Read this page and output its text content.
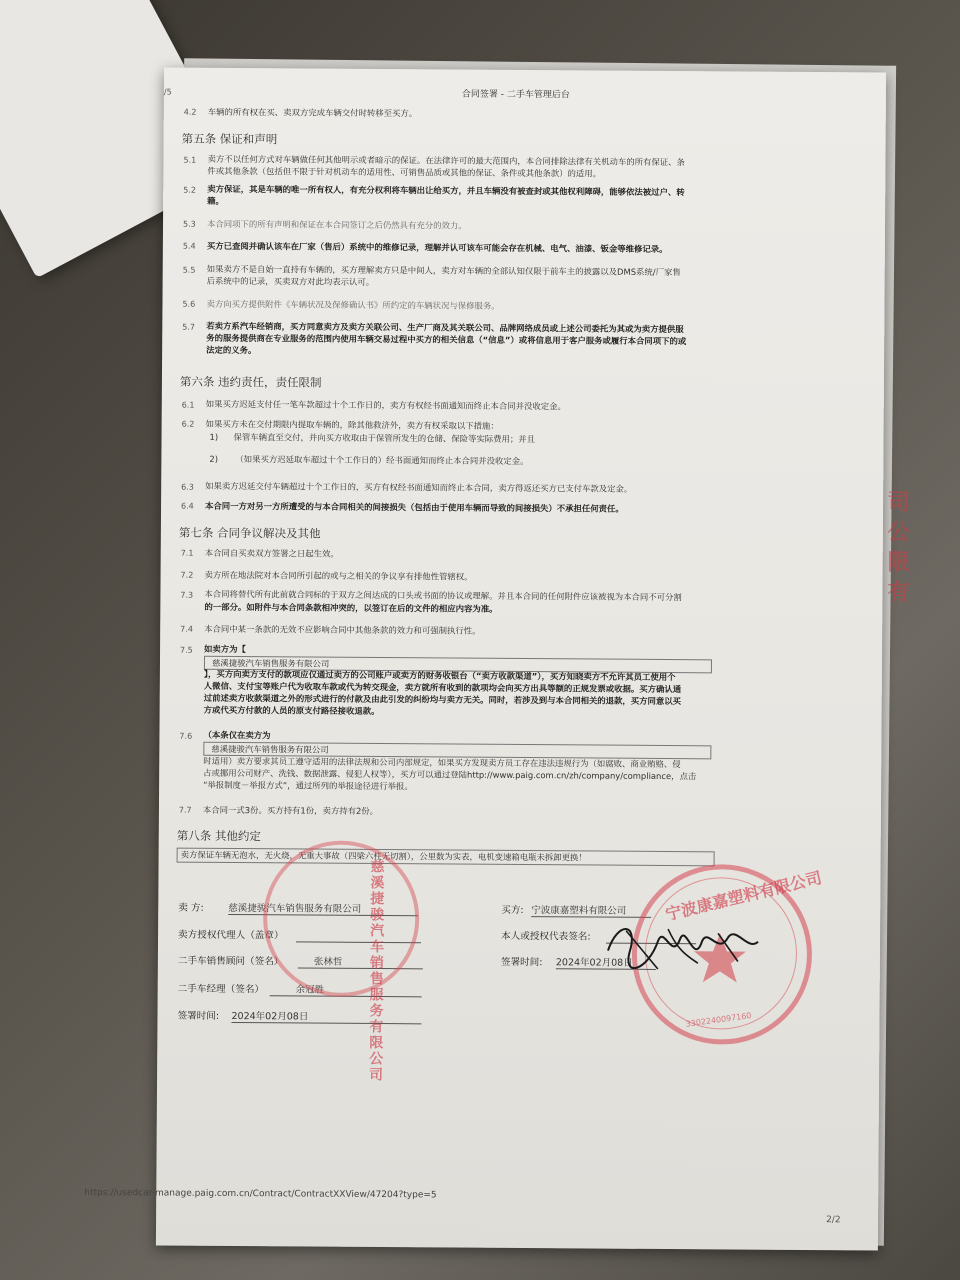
司公限有
/5	合同签署 - 二手车管理后台
4.2 车辆的所有权在买、卖双方完成车辆交付时转移至买方。
第五条 保证和声明
5.1 卖方不以任何方式对车辆做任何其他明示或者暗示的保证。在法律许可的最大范围内，本合同排除法律有关机动车的所有保证、条
件或其他条款（包括但不限于针对机动车的适用性、可销售品质或其他的保证、条件或其他条款）的适用。
5.2 卖方保证，其是车辆的唯一所有权人，有充分权利将车辆出让给买方，并且车辆没有被查封或其他权利障碍，能够依法被过户、转
籍。
5.3 本合同项下的所有声明和保证在本合同签订之后仍然具有充分的效力。
5.4 买方已查阅并确认该车在厂家（售后）系统中的维修记录，理解并认可该车可能会存在机械、电气、油漆、钣金等维修记录。
5.5 如果卖方不是自始一直持有车辆的，买方理解卖方只是中间人，卖方对车辆的全部认知仅限于前车主的披露以及DMS系统/厂家售
后系统中的记录，买卖双方对此均表示认可。
5.6 卖方向买方提供附件《车辆状况及保修确认书》所约定的车辆状况与保修服务。
5.7 若卖方系汽车经销商，买方同意卖方及卖方关联公司、生产厂商及其关联公司、品牌网络成员或上述公司委托为其或为卖方提供服
务的服务提供商在专业服务的范围内使用车辆交易过程中买方的相关信息（“信息”）或将信息用于客户服务或履行本合同项下的或
法定的义务。
第六条 违约责任，责任限制
6.1 如果买方迟延支付任一笔车款超过十个工作日的，卖方有权经书面通知而终止本合同并没收定金。
6.2 如果买方未在交付期限内提取车辆的，除其他救济外，卖方有权采取以下措施：
1) 保管车辆直至交付，并向买方收取由于保管所发生的仓储、保险等实际费用；并且
2) （如果买方迟延取车超过十个工作日的）经书面通知而终止本合同并没收定金。
6.3 如果卖方迟延交付车辆超过十个工作日的，买方有权经书面通知而终止本合同，卖方得返还买方已支付车款及定金。
6.4 本合同一方对另一方所遭受的与本合同相关的间接损失（包括由于使用车辆而导致的间接损失）不承担任何责任。
第七条 合同争议解决及其他
7.1 本合同自买卖双方签署之日起生效。
7.2 卖方所在地法院对本合同所引起的或与之相关的争议享有排他性管辖权。
7.3 本合同将替代所有此前就合同标的于双方之间达成的口头或书面的协议或理解。并且本合同的任何附件应该被视为本合同不可分割
的一部分。如附件与本合同条款相冲突的，以签订在后的文件的相应内容为准。
7.4 本合同中某一条款的无效不应影响合同中其他条款的效力和可强制执行性。
7.5 如卖方为【
慈溪捷骏汽车销售服务有限公司
】，买方向卖方支付的款项应仅通过卖方的公司账户或卖方的财务收银台（“卖方收款渠道”），买方知晓卖方不允许其员工使用个
人微信、支付宝等账户代为收取车款或代为转交现金，卖方就所有收到的款项均会向买方出具等额的正规发票或收据。买方确认通
过前述卖方收款渠道之外的形式进行的付款及由此引发的纠纷均与卖方无关。同时，若涉及到与本合同相关的退款，买方同意以买
方或代买方付款的人员的原支付路径接收退款。
7.6 （本条仅在卖方为
慈溪捷骏汽车销售服务有限公司
时适用）卖方要求其员工遵守适用的法律法规和公司内部规定，如果买方发现卖方员工存在违法违规行为（如腐败、商业贿赂、侵
占或挪用公司财产、洗钱、数据泄露、侵犯人权等），买方可以通过登陆http://www.paig.com.cn/zh/company/compliance，点击
“举报制度－举报方式”，通过所列的举报途径进行举报。
7.7 本合同一式3份。买方持有1份，卖方持有2份。
第八条 其他约定
卖方保证车辆无泡水，无火烧，无重大事故（四梁六柱无切割），公里数为实表，电机变速箱电瓶未拆卸更换！
卖 方:	慈溪捷骏汽车销售服务有限公司
卖方授权代理人（盖章）
二手车销售顾问（签名）	张林哲
二手车经理（签名）	余冠胜
签署时间: 2024年02月08日
买方: 宁波康嘉塑料有限公司
本人或授权代表签名:
签署时间: 2024年02月08日
慈溪捷骏汽车销售服务有限公司	宁波康嘉塑料有限公司
3302240097160
https://usedcar-manage.paig.com.cn/Contract/ContractXXView/47204?type=5
2/2
